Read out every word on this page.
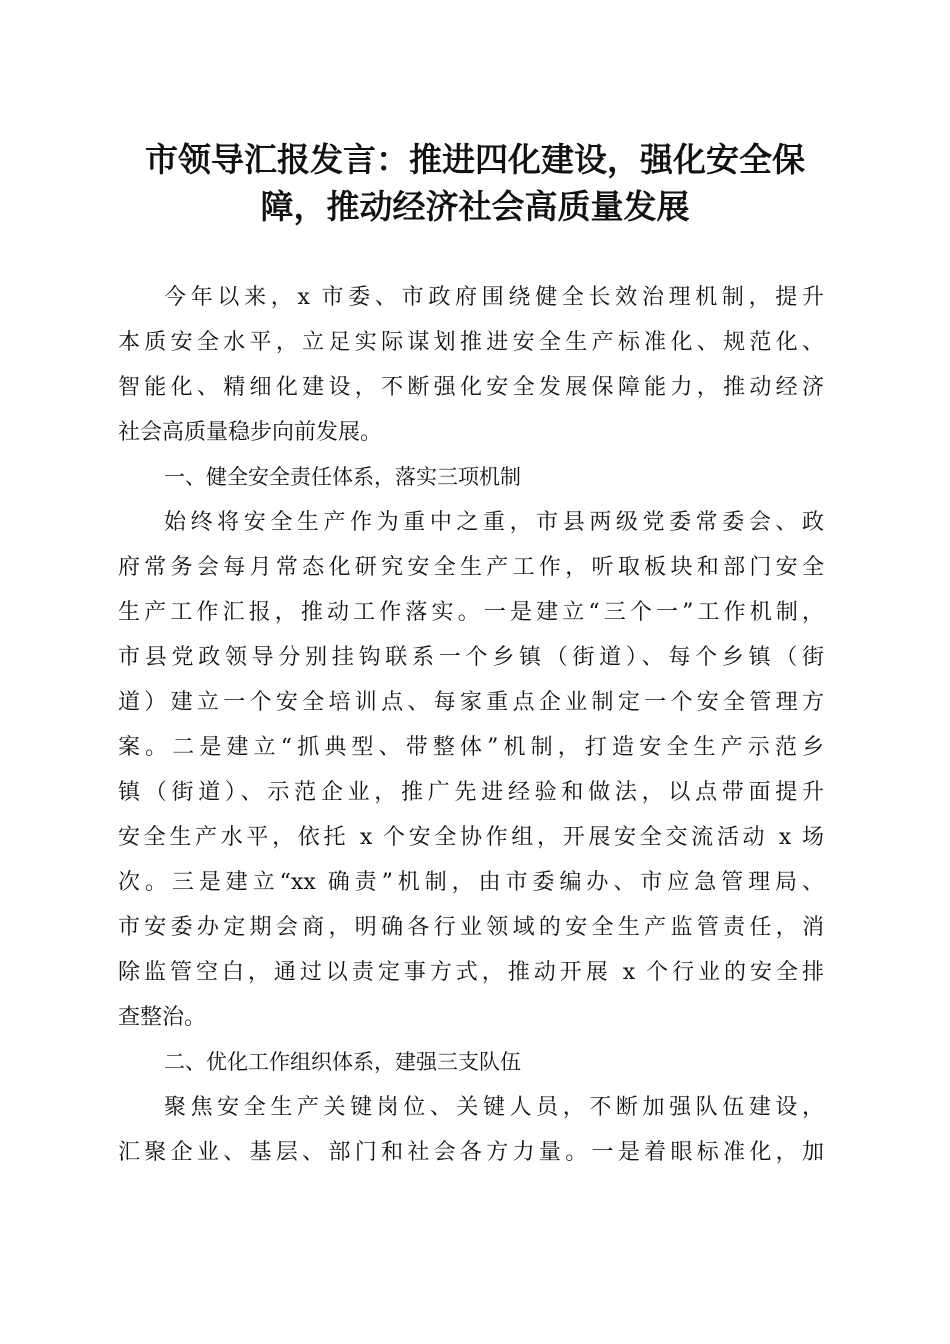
市领导汇报发言：推进四化建设，强化安全保
障，推动经济社会高质量发展
今年以来，x 市委、市政府围绕健全长效治理机制，提升
本质安全水平，立足实际谋划推进安全生产标准化、规范化、
智能化、精细化建设，不断强化安全发展保障能力，推动经济
社会高质量稳步向前发展。
一、健全安全责任体系，落实三项机制
始终将安全生产作为重中之重，市县两级党委常委会、政
府常务会每月常态化研究安全生产工作，听取板块和部门安全
生产工作汇报，推动工作落实。一是建立“三个一”工作机制，
市县党政领导分别挂钩联系一个乡镇（街道）、每个乡镇（街
道）建立一个安全培训点、每家重点企业制定一个安全管理方
案。二是建立“抓典型、带整体”机制，打造安全生产示范乡
镇（街道）、示范企业，推广先进经验和做法，以点带面提升
安全生产水平，依托 x 个安全协作组，开展安全交流活动 x 场
次。三是建立“xx 确责”机制，由市委编办、市应急管理局、
市安委办定期会商，明确各行业领域的安全生产监管责任，消
除监管空白，通过以责定事方式，推动开展 x 个行业的安全排
查整治。
二、优化工作组织体系，建强三支队伍
聚焦安全生产关键岗位、关键人员，不断加强队伍建设，
汇聚企业、基层、部门和社会各方力量。一是着眼标准化，加
